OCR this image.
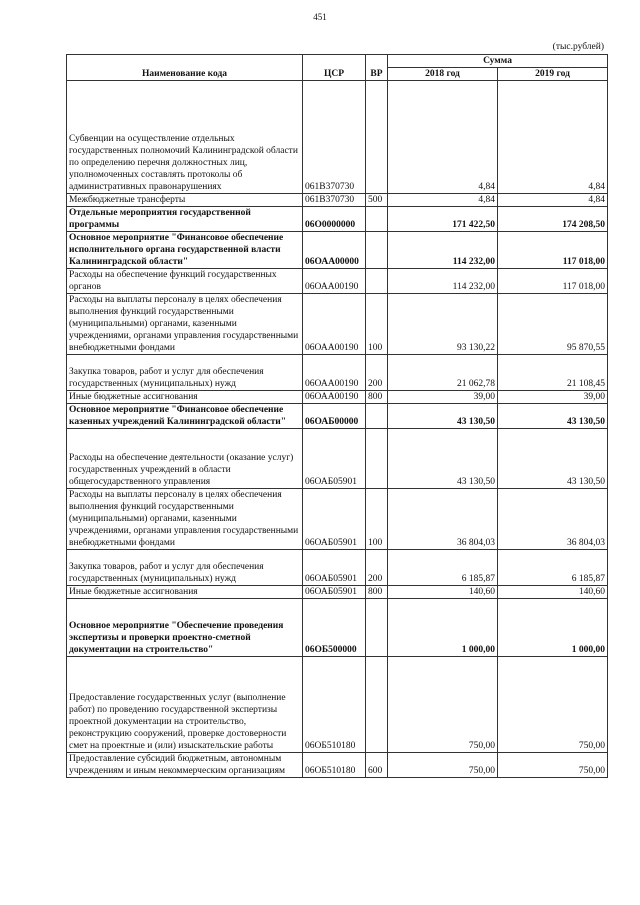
451
(тыс.рублей)
Наименование кода	ЦСР	ВР	Сумма	
			2018 год	2019 год
Субвенции на осуществление отдельных государственных полномочий Калининградской области по определению перечня должностных лиц, уполномоченных составлять протоколы об административных правонарушениях	061В370730		4,84	4,84
Межбюджетные трансферты	061В370730	500	4,84	4,84
Отдельные мероприятия государственной программы	06О0000000		171 422,50	174 208,50
Основное мероприятие "Финансовое обеспечение исполнительного органа государственной власти Калининградской области"	06ОАА00000		114 232,00	117 018,00
Расходы на обеспечение функций государственных органов	06ОАА00190		114 232,00	117 018,00
Расходы на выплаты персоналу в целях обеспечения выполнения функций государственными (муниципальными) органами, казенными учреждениями, органами управления государственными внебюджетными фондами	06ОАА00190	100	93 130,22	95 870,55
Закупка товаров, работ и услуг для обеспечения государственных (муниципальных) нужд	06ОАА00190	200	21 062,78	21 108,45
Иные бюджетные ассигнования	06ОАА00190	800	39,00	39,00
Основное мероприятие "Финансовое обеспечение казенных учреждений Калининградской области"	06ОАБ00000		43 130,50	43 130,50
Расходы на обеспечение деятельности (оказание услуг) государственных учреждений в области общегосударственного управления	06ОАБ05901		43 130,50	43 130,50
Расходы на выплаты персоналу в целях обеспечения выполнения функций государственными (муниципальными) органами, казенными учреждениями, органами управления государственными внебюджетными фондами	06ОАБ05901	100	36 804,03	36 804,03
Закупка товаров, работ и услуг для обеспечения государственных (муниципальных) нужд	06ОАБ05901	200	6 185,87	6 185,87
Иные бюджетные ассигнования	06ОАБ05901	800	140,60	140,60
Основное мероприятие "Обеспечение проведения экспертизы и проверки проектно-сметной документации на строительство"	06ОБ500000		1 000,00	1 000,00
Предоставление государственных услуг (выполнение работ) по проведению государственной экспертизы проектной документации на строительство, реконструкцию сооружений, проверке достоверности смет на проектные и (или) изыскательские работы	06ОБ510180		750,00	750,00
Предоставление субсидий бюджетным, автономным учреждениям и иным некоммерческим организациям	06ОБ510180	600	750,00	750,00
